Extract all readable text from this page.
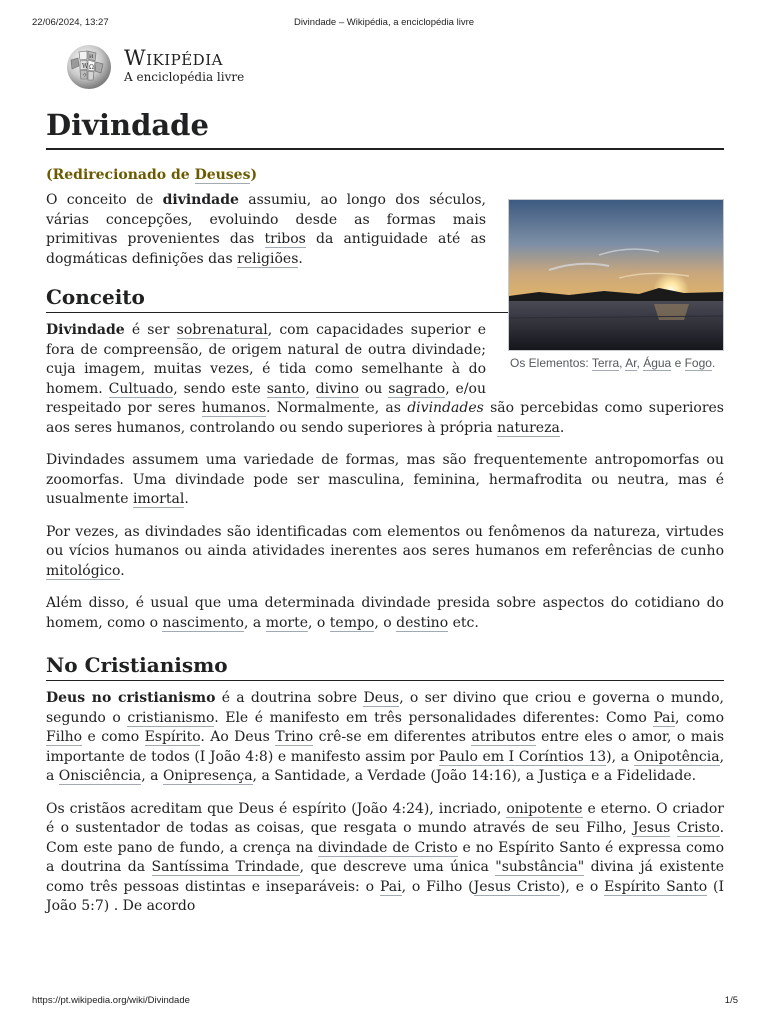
22/06/2024, 13:27	Divindade – Wikipédia, a enciclopédia livre
W Ω
И
ウ
Wikipédia
A enciclopédia livre
Divindade
(Redirecionado de Deuses)
Os Elementos: Terra, Ar, Água e Fogo.

O conceito de divindade assumiu, ao longo dos séculos, várias concepções, evoluindo desde as formas mais primitivas provenientes das tribos da antiguidade até as dogmáticas definições das religiões.

Conceito

Divindade é ser sobrenatural, com capacidades superior e fora de compreensão, de origem natural de outra divindade; cuja imagem, muitas vezes, é tida como semelhante à do homem. Cultuado, sendo este santo, divino ou sagrado, e/ou respeitado por seres humanos. Normalmente, as divindades são percebidas como superiores aos seres humanos, controlando ou sendo superiores à própria natureza.

Divindades assumem uma variedade de formas, mas são frequentemente antropomorfas ou zoomorfas. Uma divindade pode ser masculina, feminina, hermafrodita ou neutra, mas é usualmente imortal.

Por vezes, as divindades são identificadas com elementos ou fenômenos da natureza, virtudes ou vícios humanos ou ainda atividades inerentes aos seres humanos em referências de cunho mitológico.

Além disso, é usual que uma determinada divindade presida sobre aspectos do cotidiano do homem, como o nascimento, a morte, o tempo, o destino etc.

No Cristianismo

Deus no cristianismo é a doutrina sobre Deus, o ser divino que criou e governa o mundo, segundo o cristianismo. Ele é manifesto em três personalidades diferentes: Como Pai, como Filho e como Espírito. Ao Deus Trino crê-se em diferentes atributos entre eles o amor, o mais importante de todos (I João 4:8) e manifesto assim por Paulo em I Coríntios 13), a Onipotência, a Onisciência, a Onipresença, a Santidade, a Verdade (João 14:16), a Justiça e a Fidelidade.

Os cristãos acreditam que Deus é espírito (João 4:24), incriado, onipotente e eterno. O criador é o sustentador de todas as coisas, que resgata o mundo através de seu Filho, Jesus Cristo. Com este pano de fundo, a crença na divindade de Cristo e no Espírito Santo é expressa como a doutrina da Santíssima Trindade, que descreve uma única "substância" divina já existente como três pessoas distintas e inseparáveis: o Pai, o Filho (Jesus Cristo), e o Espírito Santo (I João 5:7) . De acordo

https://pt.wikipedia.org/wiki/Divindade	1/5
